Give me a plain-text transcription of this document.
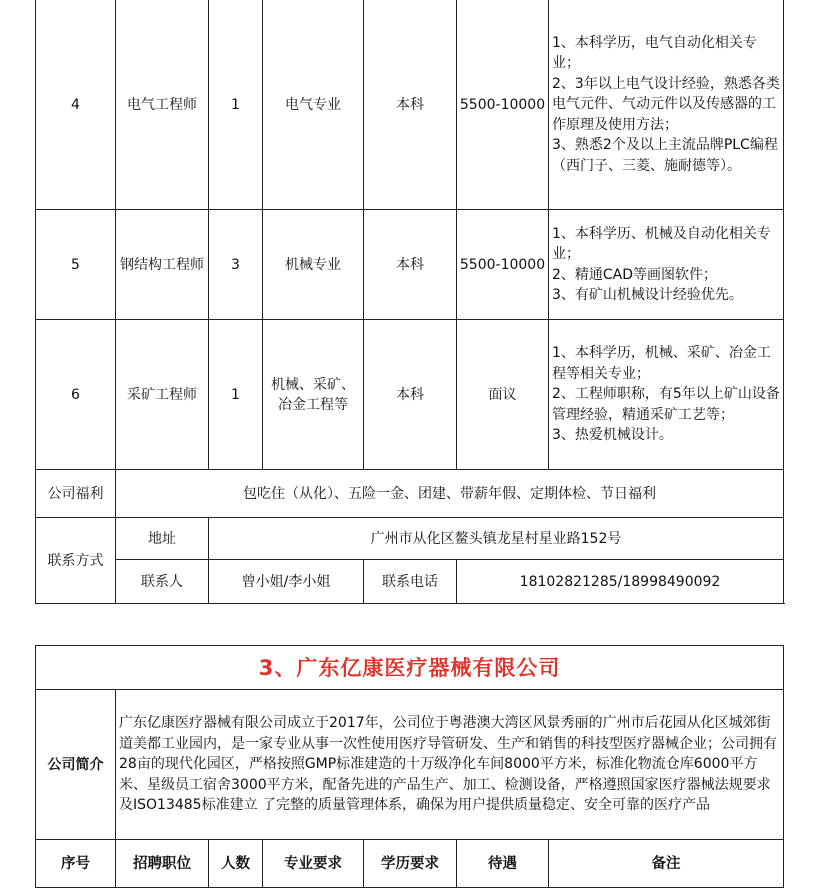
4	电气工程师	1	电气专业	本科	5500-10000	1、本科学历，电气自动化相关专业；
2、3年以上电气设计经验，熟悉各类电气元件、气动元件以及传感器的工作原理及使用方法；
3、熟悉2个及以上主流品牌PLC编程（西门子、三菱、施耐德等）。

5	钢结构工程师	3	机械专业	本科	5500-10000	1、本科学历、机械及自动化相关专业；
2、精通CAD等画图软件；
3、有矿山机械设计经验优先。

6	采矿工程师	1	机械、采矿、冶金工程等	本科	面议	1、本科学历，机械、采矿、冶金工程等相关专业；
2、工程师职称，有5年以上矿山设备管理经验，精通采矿工艺等；
3、热爱机械设计。

公司福利	包吃住（从化）、五险一金、团建、带薪年假、定期体检、节日福利					
联系方式	地址	广州市从化区鳌头镇龙星村星业路152号				
	联系人	曾小姐/李小姐		联系电话	18102821285/18998490092	
3、广东亿康医疗器械有限公司						
公司简介	广东亿康医疗器械有限公司成立于2017年，公司位于粤港澳大湾区风景秀丽的广州市后花园从化区城郊街道美都工业园内，是一家专业从事一次性使用医疗导管研发、生产和销售的科技型医疗器械企业；公司拥有28亩的现代化园区，严格按照GMP标准建造的十万级净化车间8000平方米，标准化物流仓库6000平方米、星级员工宿舍3000平方米，配备先进的产品生产、加工、检测设备，严格遵照国家医疗器械法规要求及ISO13485标准建立 了完整的质量管理体系，确保为用户提供质量稳定、安全可靠的医疗产品					
序号	招聘职位	人数	专业要求	学历要求	待遇	备注
